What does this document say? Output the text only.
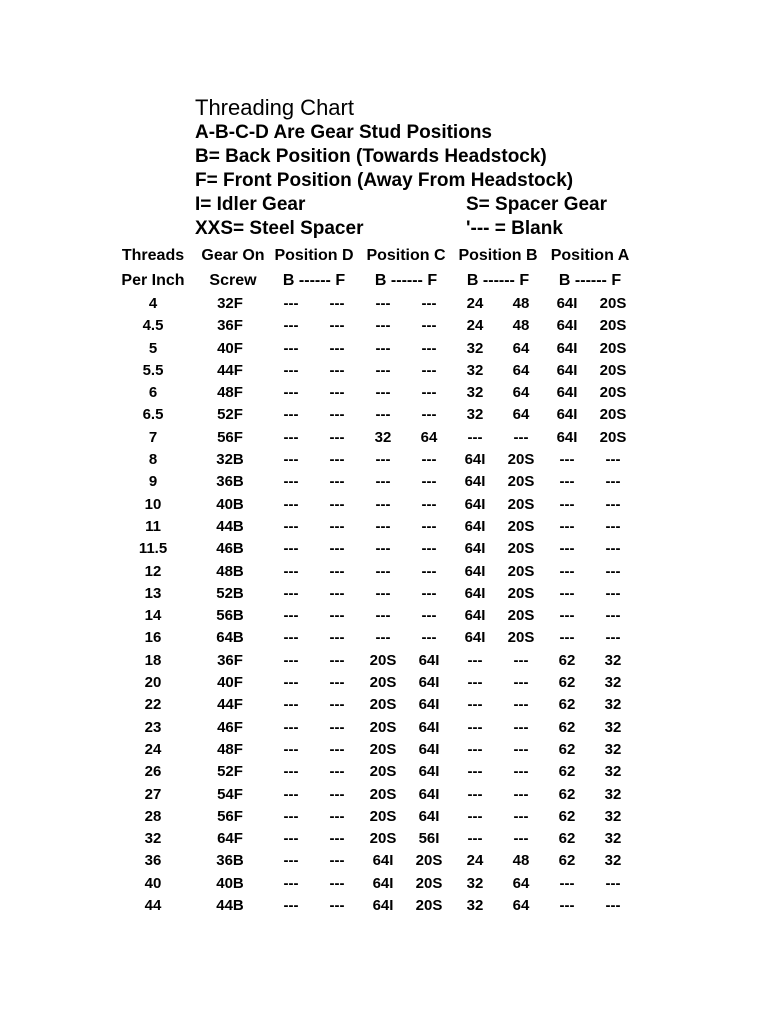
Threading Chart
A-B-C-D Are Gear Stud Positions
B= Back Position (Towards Headstock)
F= Front Position (Away From Headstock)
I= Idler Gear	S= Spacer Gear
XXS= Steel Spacer	'--- = Blank
Threads	Gear On	Position D		Position C		Position B		Position A	
Per Inch	Screw	B ------ F		B ------ F		B ------ F		B ------ F	
4	32F	---	---	---	---	24	48	64I	20S
4.5	36F	---	---	---	---	24	48	64I	20S
5	40F	---	---	---	---	32	64	64I	20S
5.5	44F	---	---	---	---	32	64	64I	20S
6	48F	---	---	---	---	32	64	64I	20S
6.5	52F	---	---	---	---	32	64	64I	20S
7	56F	---	---	32	64	---	---	64I	20S
8	32B	---	---	---	---	64I	20S	---	---
9	36B	---	---	---	---	64I	20S	---	---
10	40B	---	---	---	---	64I	20S	---	---
11	44B	---	---	---	---	64I	20S	---	---
11.5	46B	---	---	---	---	64I	20S	---	---
12	48B	---	---	---	---	64I	20S	---	---
13	52B	---	---	---	---	64I	20S	---	---
14	56B	---	---	---	---	64I	20S	---	---
16	64B	---	---	---	---	64I	20S	---	---
18	36F	---	---	20S	64I	---	---	62	32
20	40F	---	---	20S	64I	---	---	62	32
22	44F	---	---	20S	64I	---	---	62	32
23	46F	---	---	20S	64I	---	---	62	32
24	48F	---	---	20S	64I	---	---	62	32
26	52F	---	---	20S	64I	---	---	62	32
27	54F	---	---	20S	64I	---	---	62	32
28	56F	---	---	20S	64I	---	---	62	32
32	64F	---	---	20S	56I	---	---	62	32
36	36B	---	---	64I	20S	24	48	62	32
40	40B	---	---	64I	20S	32	64	---	---
44	44B	---	---	64I	20S	32	64	---	---
